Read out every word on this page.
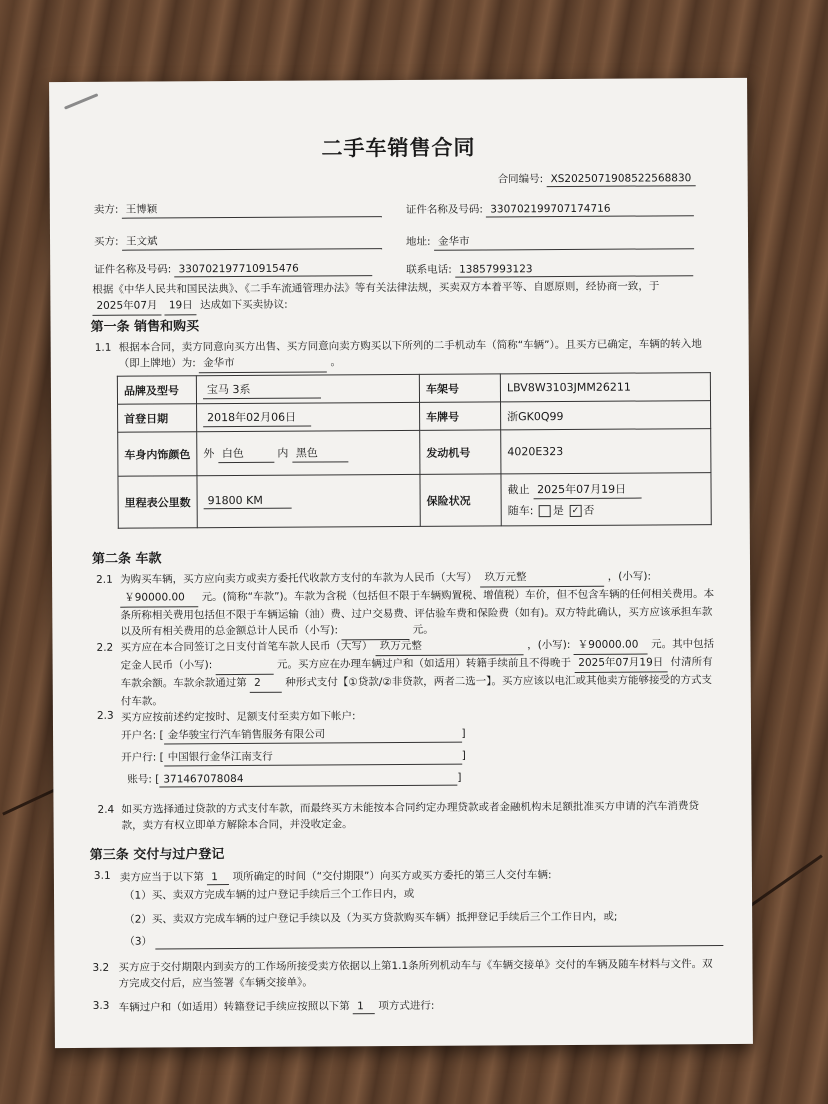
二手车销售合同
合同编号: XS2025071908522568830
卖方: 王博颖	证件名称及号码: 330702199707174716
买方: 王文斌	地址: 金华市
证件名称及号码: 330702197710915476	联系电话: 13857993123
根据《中华人民共和国民法典》、《二手车流通管理办法》等有关法律法规，买卖双方本着平等、自愿原则，经协商一致，于 2025年07月 19日 达成如下买卖协议:
第一条 销售和购买
1.1 根据本合同，卖方同意向买方出售、买方同意向卖方购买以下所列的二手机动车（简称“车辆”）。且买方已确定，车辆的转入地（即上牌地）为: 金华市	。
品牌及型号	宝马 3系	车架号	LBV8W3103JMM26211
首登日期	2018年02月06日	车牌号	浙GK0Q99
车身内饰颜色	外 白色 内 黑色	发动机号	4020E323
里程表公里数	91800 KM	保险状况	截止 2025年07月19日
随车: 是 ✓ 否
第二条 车款
2.1 为购买车辆，买方应向卖方或卖方委托代收款方支付的车款为人民币（大写） 玖万元整	，(小写): ￥90000.00 元。(简称“车款”)。车款为含税（包括但不限于车辆购置税、增值税）车价，但不包含车辆的任何相关费用。本条所称相关费用包括但不限于车辆运输（油）费、过户交易费、评估验车费和保险费（如有)。双方特此确认，买方应该承担车款以及所有相关费用的总金额总计人民币（小写):	元。
2.2 买方应在本合同签订之日支付首笔车款人民币（大写） 玖万元整	，(小写): ￥90000.00 元。其中包括定金人民币（小写):	元。买方应在办理车辆过户和（如适用）转籍手续前且不得晚于 2025年07月19日 付清所有车款余额。车款余款通过第 2 种形式支付【①贷款/②非贷款，两者二选一】。买方应该以电汇或其他卖方能够接受的方式支付车款。
2.3 买方应按前述约定按时、足额支付至卖方如下帐户:
开户名: [ 金华骏宝行汽车销售服务有限公司	]
开户行: [ 中国银行金华江南支行	]
账号: [ 371467078084	]
2.4 如买方选择通过贷款的方式支付车款，而最终买方未能按本合同约定办理贷款或者金融机构未足额批准买方申请的汽车消费贷款，卖方有权立即单方解除本合同，并没收定金。
第三条 交付与过户登记
3.1 卖方应当于以下第 1 项所确定的时间（“交付期限”）向买方或买方委托的第三人交付车辆:
（1）买、卖双方完成车辆的过户登记手续后三个工作日内，或
（2）买、卖双方完成车辆的过户登记手续以及（为买方贷款购买车辆）抵押登记手续后三个工作日内，或;
（3）
3.2 买方应于交付期限内到卖方的工作场所接受卖方依据以上第1.1条所列机动车与《车辆交接单》交付的车辆及随车材料与文件。双方完成交付后，应当签署《车辆交接单》。
3.3 车辆过户和（如适用）转籍登记手续应按照以下第 1 项方式进行:
